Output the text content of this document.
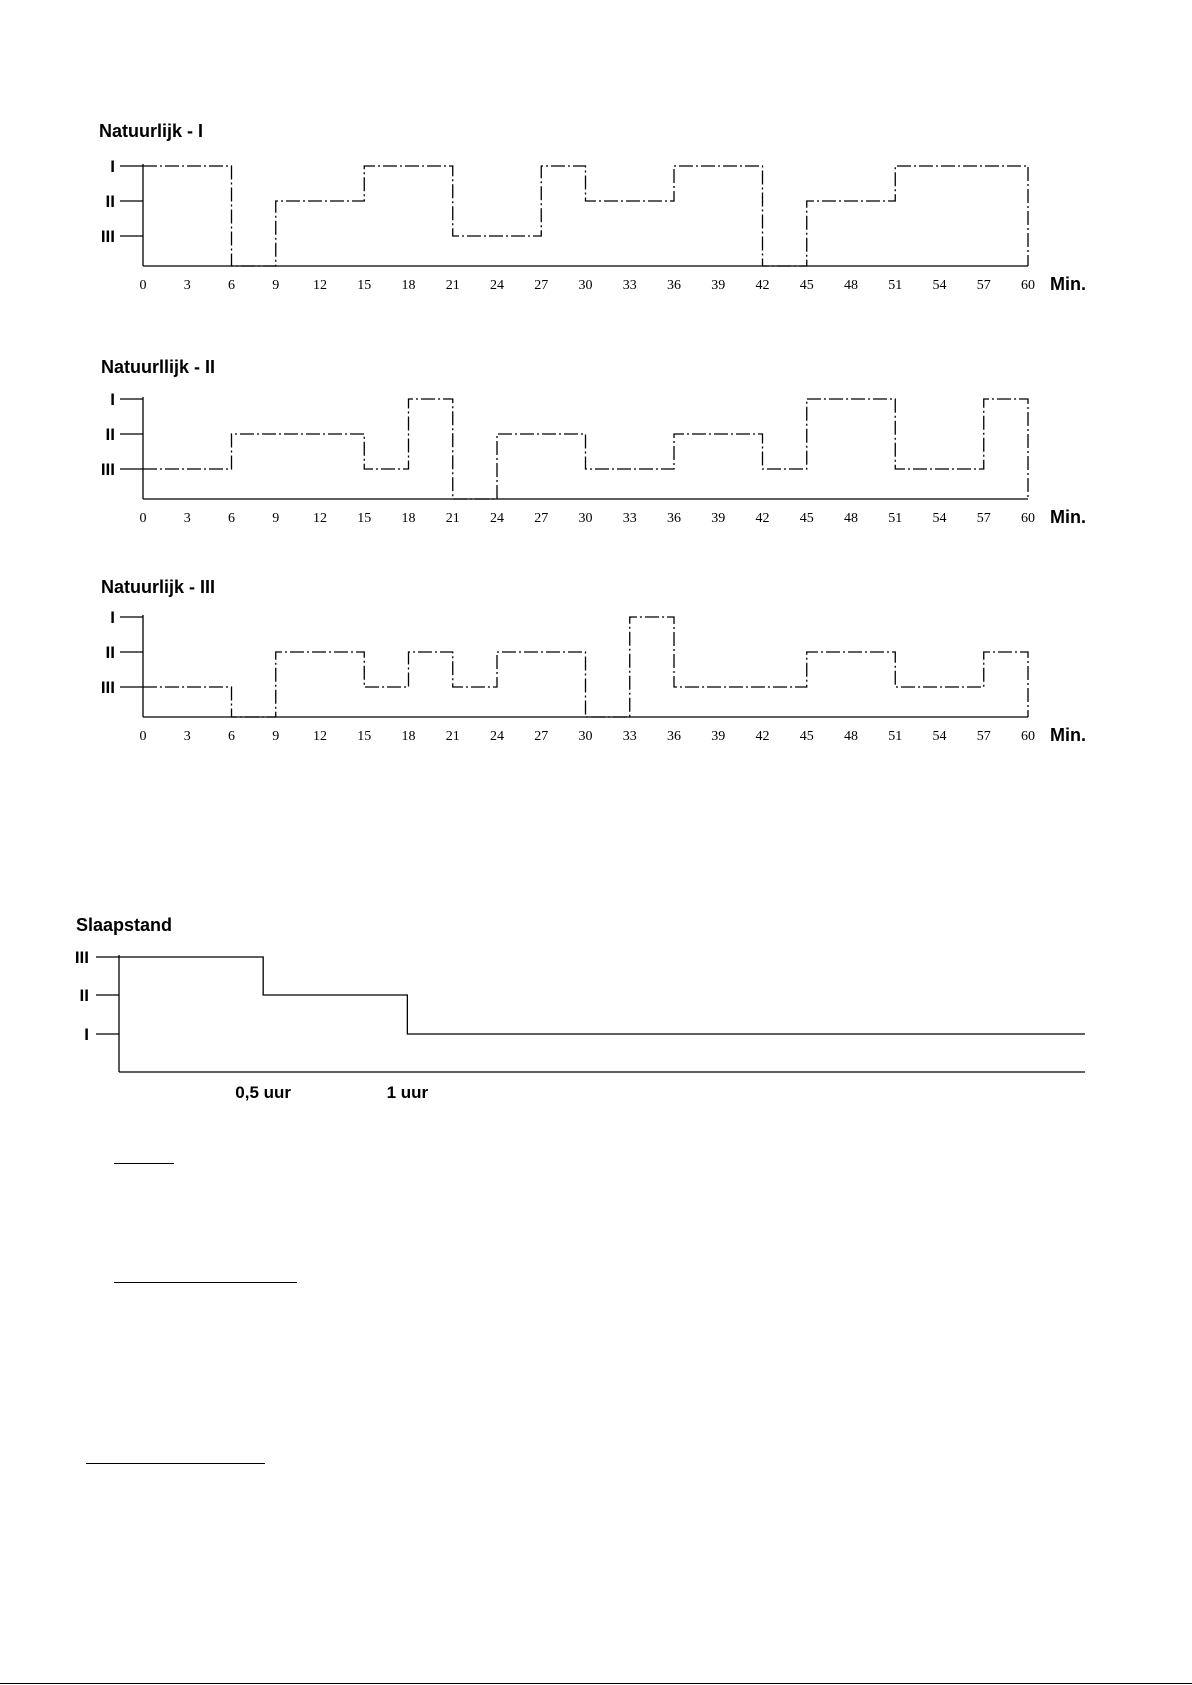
Natuurlijk - I
I
II
III
0	3	6	9 12 15 18 21 24 27 30 33 36 39 42 45 48 51 54 57 60 Min.
Natuurllijk - II
I
II
III
0	3	6	9 12 15 18 21 24 27 30 33 36 39 42 45 48 51 54 57 60 Min.
Natuurlijk - III
I
II
III
0	3	6	9 12 15 18 21 24 27 30 33 36 39 42 45 48 51 54 57 60 Min.
Slaapstand
III
II
I
0,5 uur	1 uur
